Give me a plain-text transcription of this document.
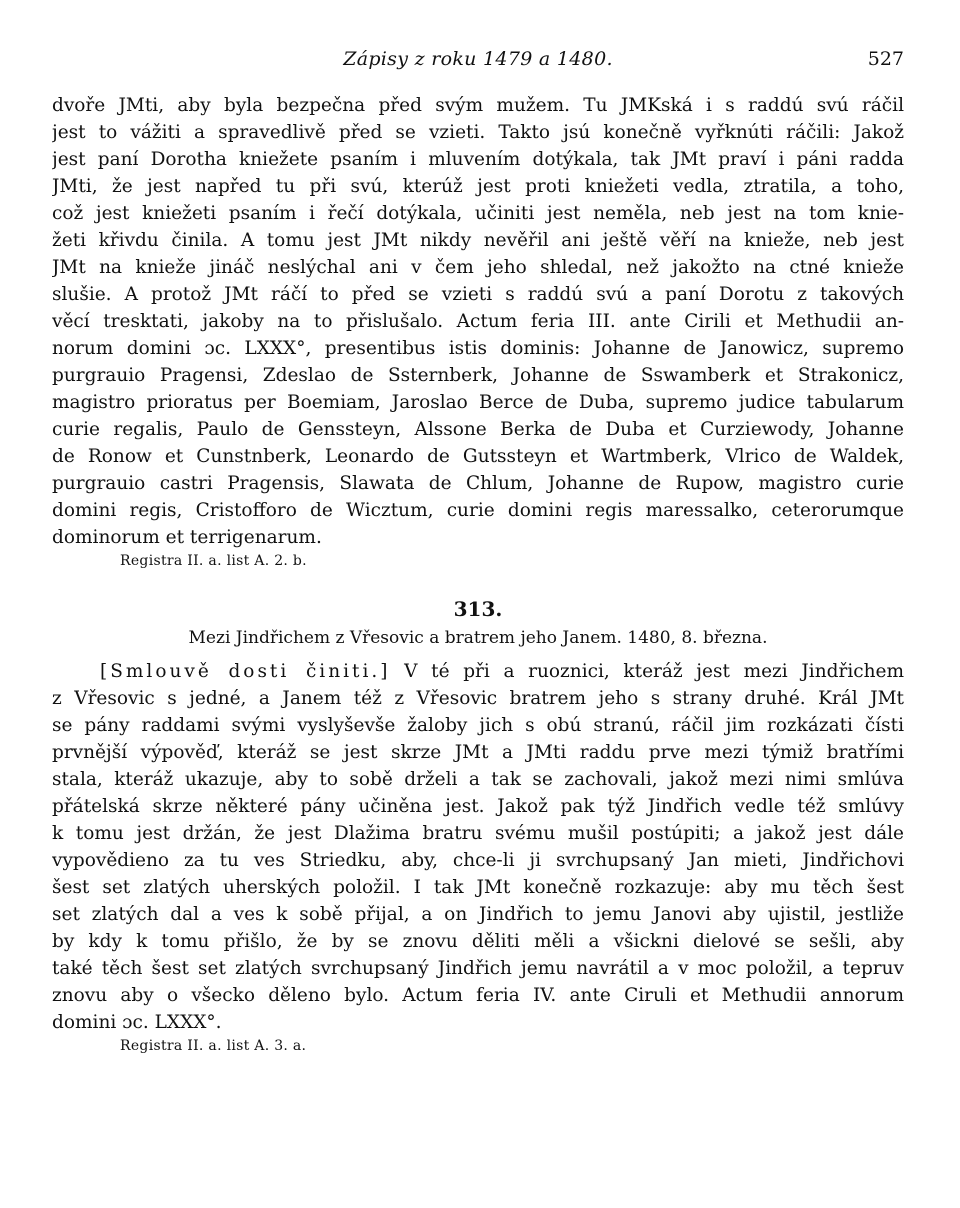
Zápisy z roku 1479 a 1480.	527
dvoře JMti, aby byla bezpečna před svým mužem. Tu JMKská i s raddú svú ráčil
jest to vážiti a spravedlivě před se vzieti. Takto jsú konečně vyřknúti ráčili: Jakož
jest paní Dorotha kniežete psaním i mluvením dotýkala, tak JMt praví i páni radda
JMti, že jest napřed tu při svú, kterúž jest proti kniežeti vedla, ztratila, a toho,
což jest kniežeti psaním i řečí dotýkala, učiniti jest neměla, neb jest na tom knie-
žeti křivdu činila. A tomu jest JMt nikdy nevěřil ani ještě věří na knieže, neb jest
JMt na knieže jináč neslýchal ani v čem jeho shledal, než jakožto na ctné knieže
slušie. A protož JMt ráčí to před se vzieti s raddú svú a paní Dorotu z takových
věcí tresktati, jakoby na to přislušalo. Actum feria III. ante Cirili et Methudii an-
norum domini ɔc. LXXX°, presentibus istis dominis: Johanne de Janowicz, supremo
purgrauio Pragensi, Zdeslao de Ssternberk, Johanne de Sswamberk et Strakonicz,
magistro prioratus per Boemiam, Jaroslao Berce de Duba, supremo judice tabularum
curie regalis, Paulo de Genssteyn, Alssone Berka de Duba et Curziewody, Johanne
de Ronow et Cunstnberk, Leonardo de Gutssteyn et Wartmberk, Vlrico de Waldek,
purgrauio castri Pragensis, Slawata de Chlum, Johanne de Rupow, magistro curie
domini regis, Cristofforo de Wicztum, curie domini regis maressalko, ceterorumque
dominorum et terrigenarum.
Registra II. a. list A. 2. b.
313.
Mezi Jindřichem z Vřesovic a bratrem jeho Janem. 1480, 8. března.
[Smlouvě dosti činiti.] V té při a ruoznici, kteráž jest mezi Jindřichem
z Vřesovic s jedné, a Janem též z Vřesovic bratrem jeho s strany druhé. Král JMt
se pány raddami svými vyslyševše žaloby jich s obú stranú, ráčil jim rozkázati čísti
prvnější výpověď, kteráž se jest skrze JMt a JMti raddu prve mezi týmiž bratřími
stala, kteráž ukazuje, aby to sobě drželi a tak se zachovali, jakož mezi nimi smlúva
přátelská skrze některé pány učiněna jest. Jakož pak týž Jindřich vedle též smlúvy
k tomu jest držán, že jest Dlažima bratru svému mušil postúpiti; a jakož jest dále
vypovědieno za tu ves Striedku, aby, chce-li ji svrchupsaný Jan mieti, Jindřichovi
šest set zlatých uherských položil. I tak JMt konečně rozkazuje: aby mu těch šest
set zlatých dal a ves k sobě přijal, a on Jindřich to jemu Janovi aby ujistil, jestliže
by kdy k tomu přišlo, že by se znovu děliti měli a všickni dielové se sešli, aby
také těch šest set zlatých svrchupsaný Jindřich jemu navrátil a v moc položil, a tepruv
znovu aby o všecko děleno bylo. Actum feria IV. ante Ciruli et Methudii annorum
domini ɔc. LXXX°.
Registra II. a. list A. 3. a.
